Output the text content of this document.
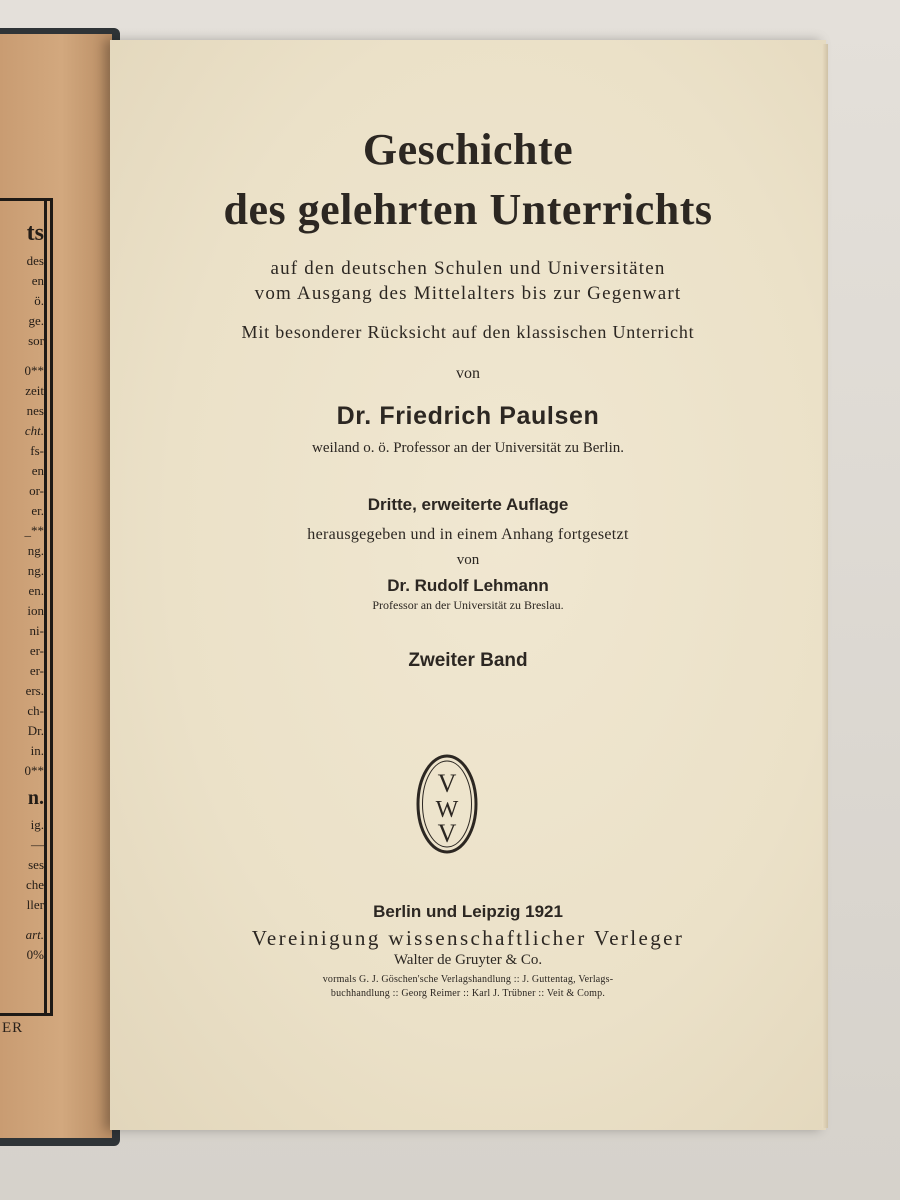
ts
des
en
ö.
ge.
sor
0**
zeit
nes
cht.
fs-
en
or-
er.
_**
ng.
ng.
en.
ion
ni-
er-
er-
ers.
ch-
Dr.
in.
0**
n.
ig.
—
ses
che
ller
art.
0%
ER
Geschichte
des gelehrten Unterrichts

auf den deutschen Schulen und Universitäten

vom Ausgang des Mittelalters bis zur Gegenwart

Mit besonderer Rücksicht auf den klassischen Unterricht

von

Dr. Friedrich Paulsen

weiland o. ö. Professor an der Universität zu Berlin.

Dritte, erweiterte Auflage

herausgegeben und in einem Anhang fortgesetzt

von

Dr. Rudolf Lehmann

Professor an der Universität zu Breslau.

Zweiter Band

V
W
V

Berlin und Leipzig 1921

Vereinigung wissenschaftlicher Verleger

Walter de Gruyter & Co.

vormals G. J. Göschen'sche Verlagshandlung :: J. Guttentag, Verlags-

buchhandlung :: Georg Reimer :: Karl J. Trübner :: Veit & Comp.
